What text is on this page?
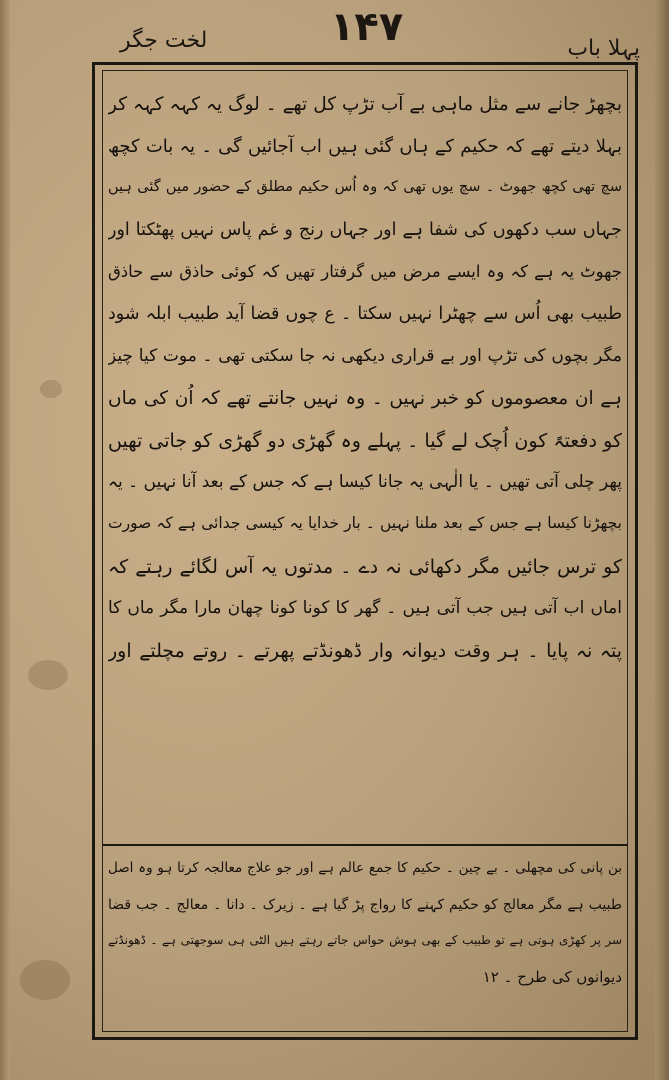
لخت جگر	۱۴۷	پہلا باب
بچھڑ جانے سے مثل ماہی بے آب تڑپ کل تھے ۔ لوگ یہ کہہ کہہ کر
بہلا دیتے تھے کہ حکیم کے ہاں گئی ہیں اب آجائیں گی ۔ یہ بات کچھ
سچ تھی کچھ جھوٹ ۔ سچ یوں تھی کہ وہ اُس حکیم مطلق کے حضور میں گئی ہیں
جہاں سب دکھوں کی شفا ہے اور جہاں رنج و غم پاس نہیں پھٹکتا اور
جھوٹ یہ ہے کہ وہ ایسے مرض میں گرفتار تھیں کہ کوئی حاذق سے حاذق
طبیب بھی اُس سے چھٹرا نہیں سکتا ۔ ع چوں قضا آید طبیب ابلہ شود
مگر بچوں کی تڑپ اور بے قراری دیکھی نہ جا سکتی تھی ۔ موت کیا چیز
ہے ان معصوموں کو خبر نہیں ۔ وہ نہیں جانتے تھے کہ اُن کی ماں
کو دفعتہً کون اُچک لے گیا ۔ پہلے وہ گھڑی دو گھڑی کو جاتی تھیں
پھر چلی آتی تھیں ۔ یا الٰہی یہ جانا کیسا ہے کہ جس کے بعد آنا نہیں ۔ یہ
بچھڑنا کیسا ہے جس کے بعد ملنا نہیں ۔ بار خدایا یہ کیسی جدائی ہے کہ صورت
کو ترس جائیں مگر دکھائی نہ دے ۔ مدتوں یہ آس لگائے رہتے کہ
اماں اب آتی ہیں جب آتی ہیں ۔ گھر کا کونا کونا چھان مارا مگر ماں کا
پتہ نہ پایا ۔ ہر وقت دیوانہ وار ڈھونڈتے پھرتے ۔ روتے مچلتے اور
بن پانی کی مچھلی ۔ بے چین ۔ حکیم کا جمع عالم ہے اور جو علاج معالجہ کرتا ہو وہ اصل
طبیب ہے مگر معالج کو حکیم کہنے کا رواج پڑ گیا ہے ۔ زیرک ۔ دانا ۔ معالج ۔ جب قضا
سر پر کھڑی ہوتی ہے تو طبیب کے بھی ہوش حواس جاتے رہتے ہیں الٹی ہی سوجھتی ہے ۔ ڈھونڈتے
دیوانوں کی طرح ۔ ۱۲
